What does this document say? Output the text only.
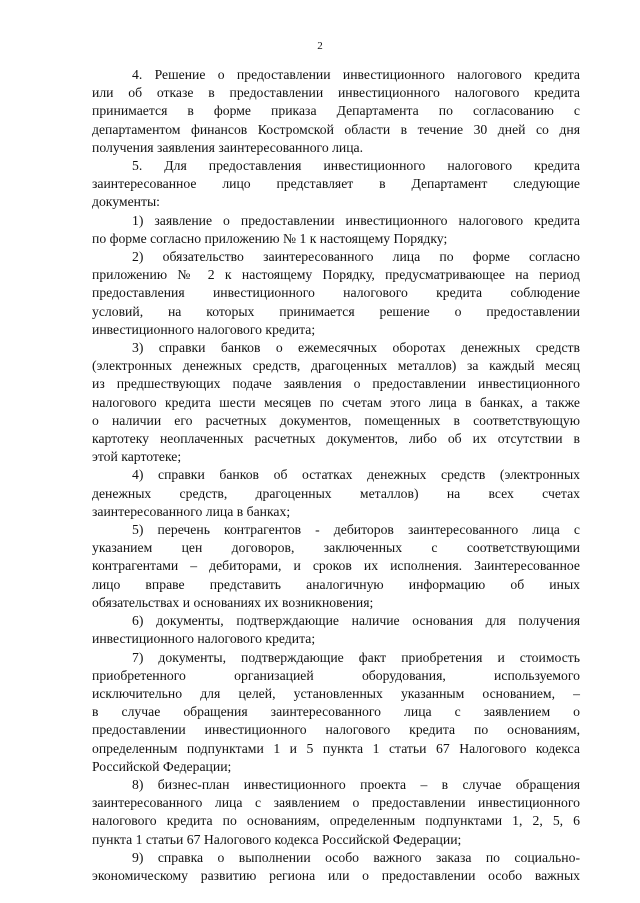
2
4. Решение о предоставлении инвестиционного налогового кредита
или об отказе в предоставлении инвестиционного налогового кредита
принимается в форме приказа Департамента по согласованию с
департаментом финансов Костромской области в течение 30 дней со дня
получения заявления заинтересованного лица.
5. Для предоставления инвестиционного налогового кредита
заинтересованное лицо представляет в Департамент следующие
документы:
1) заявление о предоставлении инвестиционного налогового кредита
по форме согласно приложению № 1 к настоящему Порядку;
2) обязательство заинтересованного лица по форме согласно
приложению № 2 к настоящему Порядку, предусматривающее на период
предоставления инвестиционного налогового кредита соблюдение
условий, на которых принимается решение о предоставлении
инвестиционного налогового кредита;
3) справки банков о ежемесячных оборотах денежных средств
(электронных денежных средств, драгоценных металлов) за каждый месяц
из предшествующих подаче заявления о предоставлении инвестиционного
налогового кредита шести месяцев по счетам этого лица в банках, а также
о наличии его расчетных документов, помещенных в соответствующую
картотеку неоплаченных расчетных документов, либо об их отсутствии в
этой картотеке;
4) справки банков об остатках денежных средств (электронных
денежных средств, драгоценных металлов) на всех счетах
заинтересованного лица в банках;
5) перечень контрагентов - дебиторов заинтересованного лица с
указанием цен договоров, заключенных с соответствующими
контрагентами – дебиторами, и сроков их исполнения. Заинтересованное
лицо вправе представить аналогичную информацию об иных
обязательствах и основаниях их возникновения;
6) документы, подтверждающие наличие основания для получения
инвестиционного налогового кредита;
7) документы, подтверждающие факт приобретения и стоимость
приобретенного организацией оборудования, используемого
исключительно для целей, установленных указанным основанием, –
в случае обращения заинтересованного лица с заявлением о
предоставлении инвестиционного налогового кредита по основаниям,
определенным подпунктами 1 и 5 пункта 1 статьи 67 Налогового кодекса
Российской Федерации;
8) бизнес-план инвестиционного проекта – в случае обращения
заинтересованного лица с заявлением о предоставлении инвестиционного
налогового кредита по основаниям, определенным подпунктами 1, 2, 5, 6
пункта 1 статьи 67 Налогового кодекса Российской Федерации;
9) справка о выполнении особо важного заказа по социально-
экономическому развитию региона или о предоставлении особо важных
